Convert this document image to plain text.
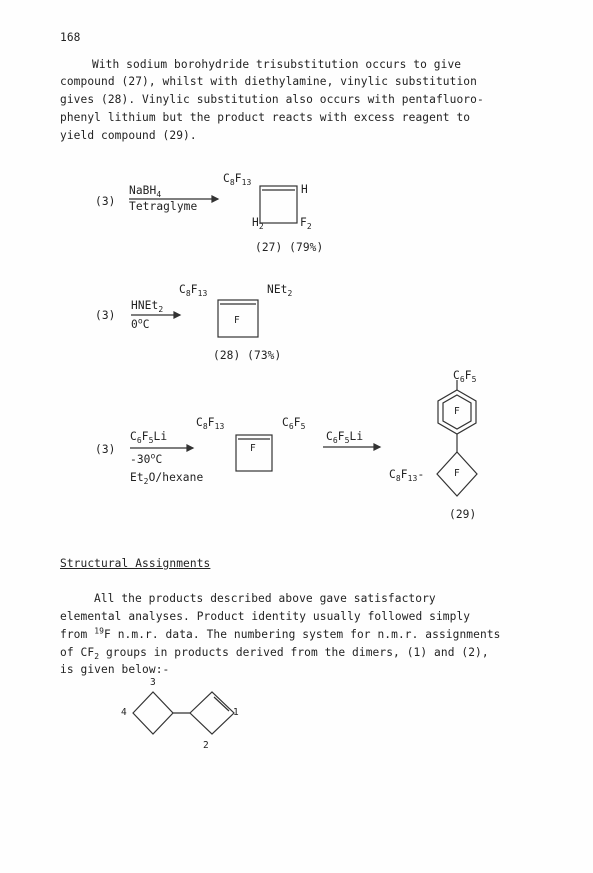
168
With sodium borohydride trisubstitution occurs to give
compound (27), whilst with diethylamine, vinylic substitution
gives (28). Vinylic substitution also occurs with pentafluoro-
phenyl lithium but the product reacts with excess reagent to
yield compound (29).
(3)
NaBH$_4$
Tetraglyme
$C_8F_{13}$
H
$H_2$	$F_2$
(27) (79%)
(3)
HNEt$_2$
0$^o$C
$C_8F_{13}$	NEt$_2$
F
(28) (73%)
(3)
$C_6F_5Li$
-30$^o$C
$Et_2O$/hexane
$C_8F_{13}$	$C_6F_5$
F
$C_6F_5Li$
$C_6F_5$
F
F
$C_8F_{13}-$
(29)
Structural Assignments
All the products described above gave satisfactory
elemental analyses. Product identity usually followed simply
from $^{19}$F n.m.r. data. The numbering system for n.m.r. assignments
of $CF_2$ groups in products derived from the dimers, (1) and (2),
is given below:-
3
4	1
2
